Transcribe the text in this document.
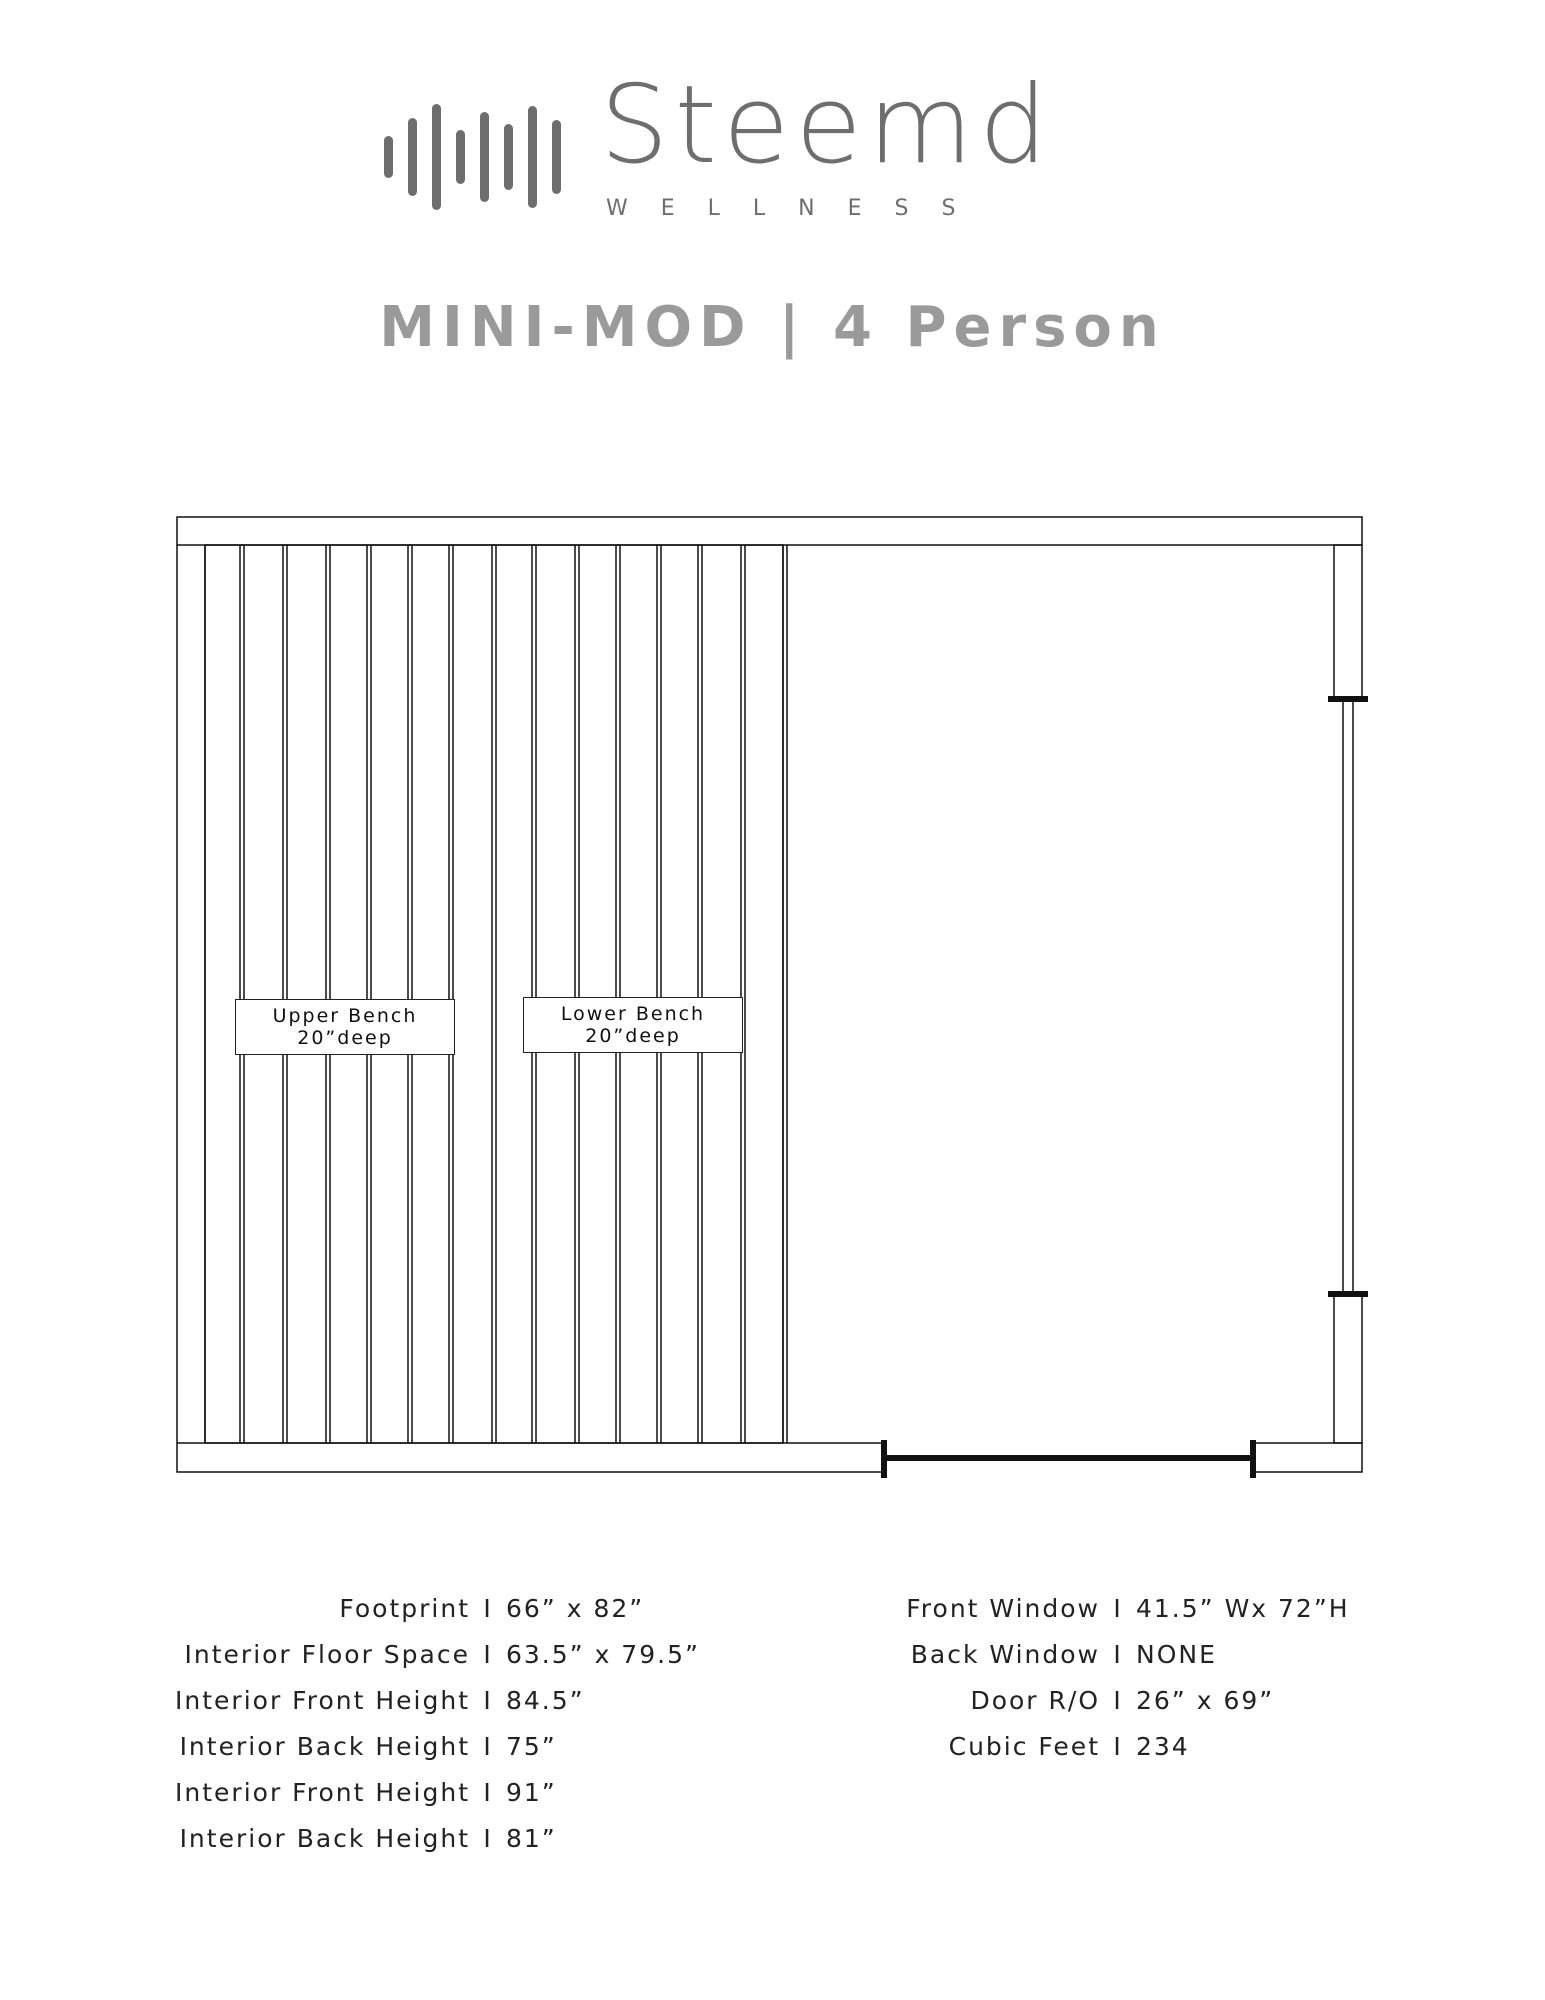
Steemd
WELLNESS
MINI-MOD | 4 Person
Upper Bench
20”deep
Lower Bench
20”deep
Footprint I 66” x 82”
Interior Floor Space I 63.5” x 79.5”
Interior Front Height I 84.5”
Interior Back Height I 75”
Interior Front Height I 91”
Interior Back Height I 81”
Front Window I 41.5” Wx 72”H
Back Window I NONE
Door R/O I 26” x 69”
Cubic Feet I 234
